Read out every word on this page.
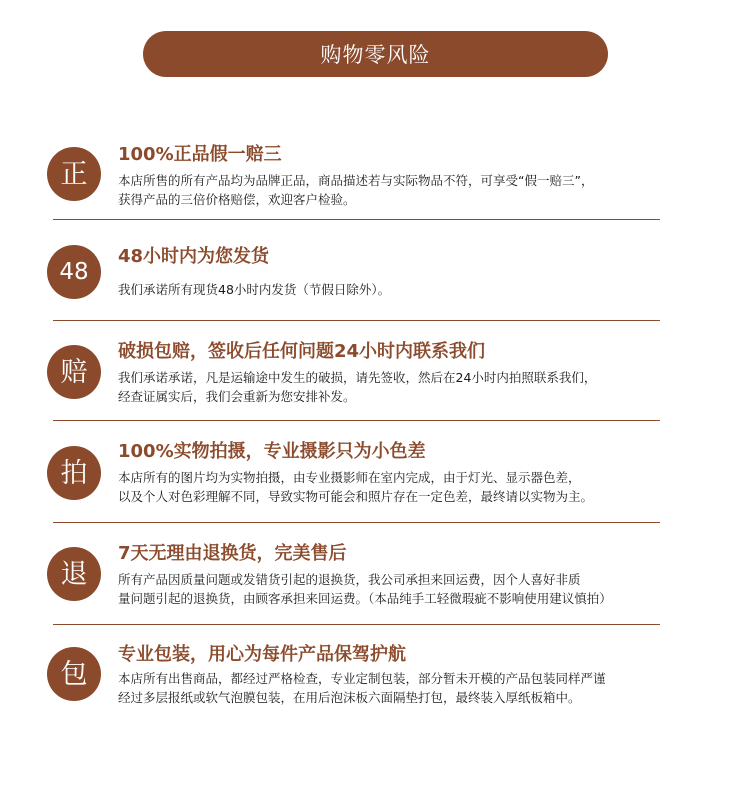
购物零风险
正
100%正品假一赔三
本店所售的所有产品均为品牌正品，商品描述若与实际物品不符，可享受“假一赔三”，
获得产品的三倍价格赔偿，欢迎客户检验。
48
48小时内为您发货
我们承诺所有现货48小时内发货（节假日除外）。
赔
破损包赔，签收后任何问题24小时内联系我们
我们承诺承诺，凡是运输途中发生的破损，请先签收，然后在24小时内拍照联系我们，
经查证属实后，我们会重新为您安排补发。
拍
100%实物拍摄，专业摄影只为小色差
本店所有的图片均为实物拍摄，由专业摄影师在室内完成，由于灯光、显示器色差，
以及个人对色彩理解不同，导致实物可能会和照片存在一定色差，最终请以实物为主。
退
7天无理由退换货，完美售后
所有产品因质量问题或发错货引起的退换货，我公司承担来回运费，因个人喜好非质
量问题引起的退换货，由顾客承担来回运费。（本品纯手工轻微瑕疵不影响使用建议慎拍）
包
专业包装，用心为每件产品保驾护航
本店所有出售商品，都经过严格检查，专业定制包装，部分暂未开模的产品包装同样严谨
经过多层报纸或软气泡膜包装，在用后泡沫板六面隔垫打包，最终装入厚纸板箱中。
